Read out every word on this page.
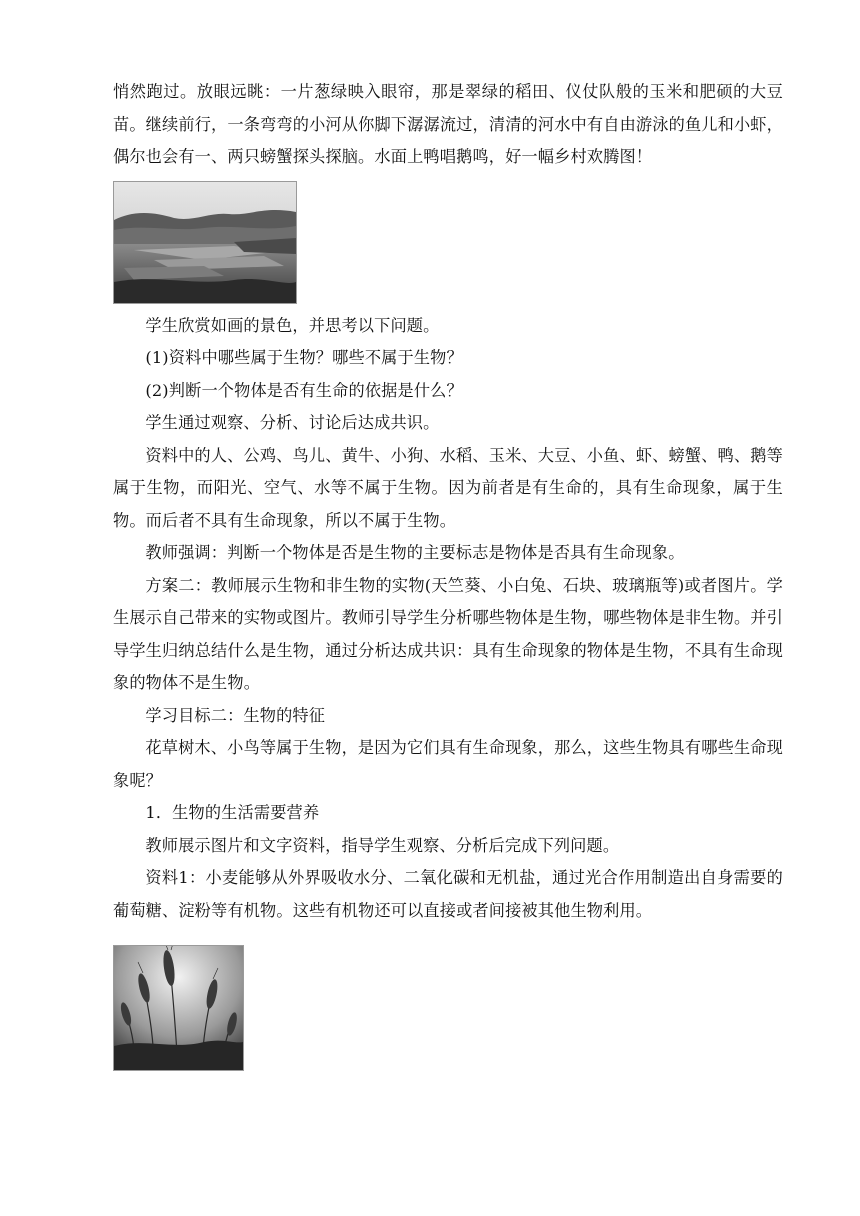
悄然跑过。放眼远眺：一片葱绿映入眼帘，那是翠绿的稻田、仪仗队般的玉米和肥硕的大豆苗。继续前行，一条弯弯的小河从你脚下潺潺流过，清清的河水中有自由游泳的鱼儿和小虾，偶尔也会有一、两只螃蟹探头探脑。水面上鸭唱鹅鸣，好一幅乡村欢腾图！

学生欣赏如画的景色，并思考以下问题。

(1)资料中哪些属于生物？哪些不属于生物？

(2)判断一个物体是否有生命的依据是什么？

学生通过观察、分析、讨论后达成共识。

资料中的人、公鸡、鸟儿、黄牛、小狗、水稻、玉米、大豆、小鱼、虾、螃蟹、鸭、鹅等属于生物，而阳光、空气、水等不属于生物。因为前者是有生命的，具有生命现象，属于生物。而后者不具有生命现象，所以不属于生物。

教师强调：判断一个物体是否是生物的主要标志是物体是否具有生命现象。

方案二：教师展示生物和非生物的实物(天竺葵、小白兔、石块、玻璃瓶等)或者图片。学生展示自己带来的实物或图片。教师引导学生分析哪些物体是生物，哪些物体是非生物。并引导学生归纳总结什么是生物，通过分析达成共识：具有生命现象的物体是生物，不具有生命现象的物体不是生物。

学习目标二：生物的特征

花草树木、小鸟等属于生物，是因为它们具有生命现象，那么，这些生物具有哪些生命现象呢？

1．生物的生活需要营养

教师展示图片和文字资料，指导学生观察、分析后完成下列问题。

资料1：小麦能够从外界吸收水分、二氧化碳和无机盐，通过光合作用制造出自身需要的葡萄糖、淀粉等有机物。这些有机物还可以直接或者间接被其他生物利用。
